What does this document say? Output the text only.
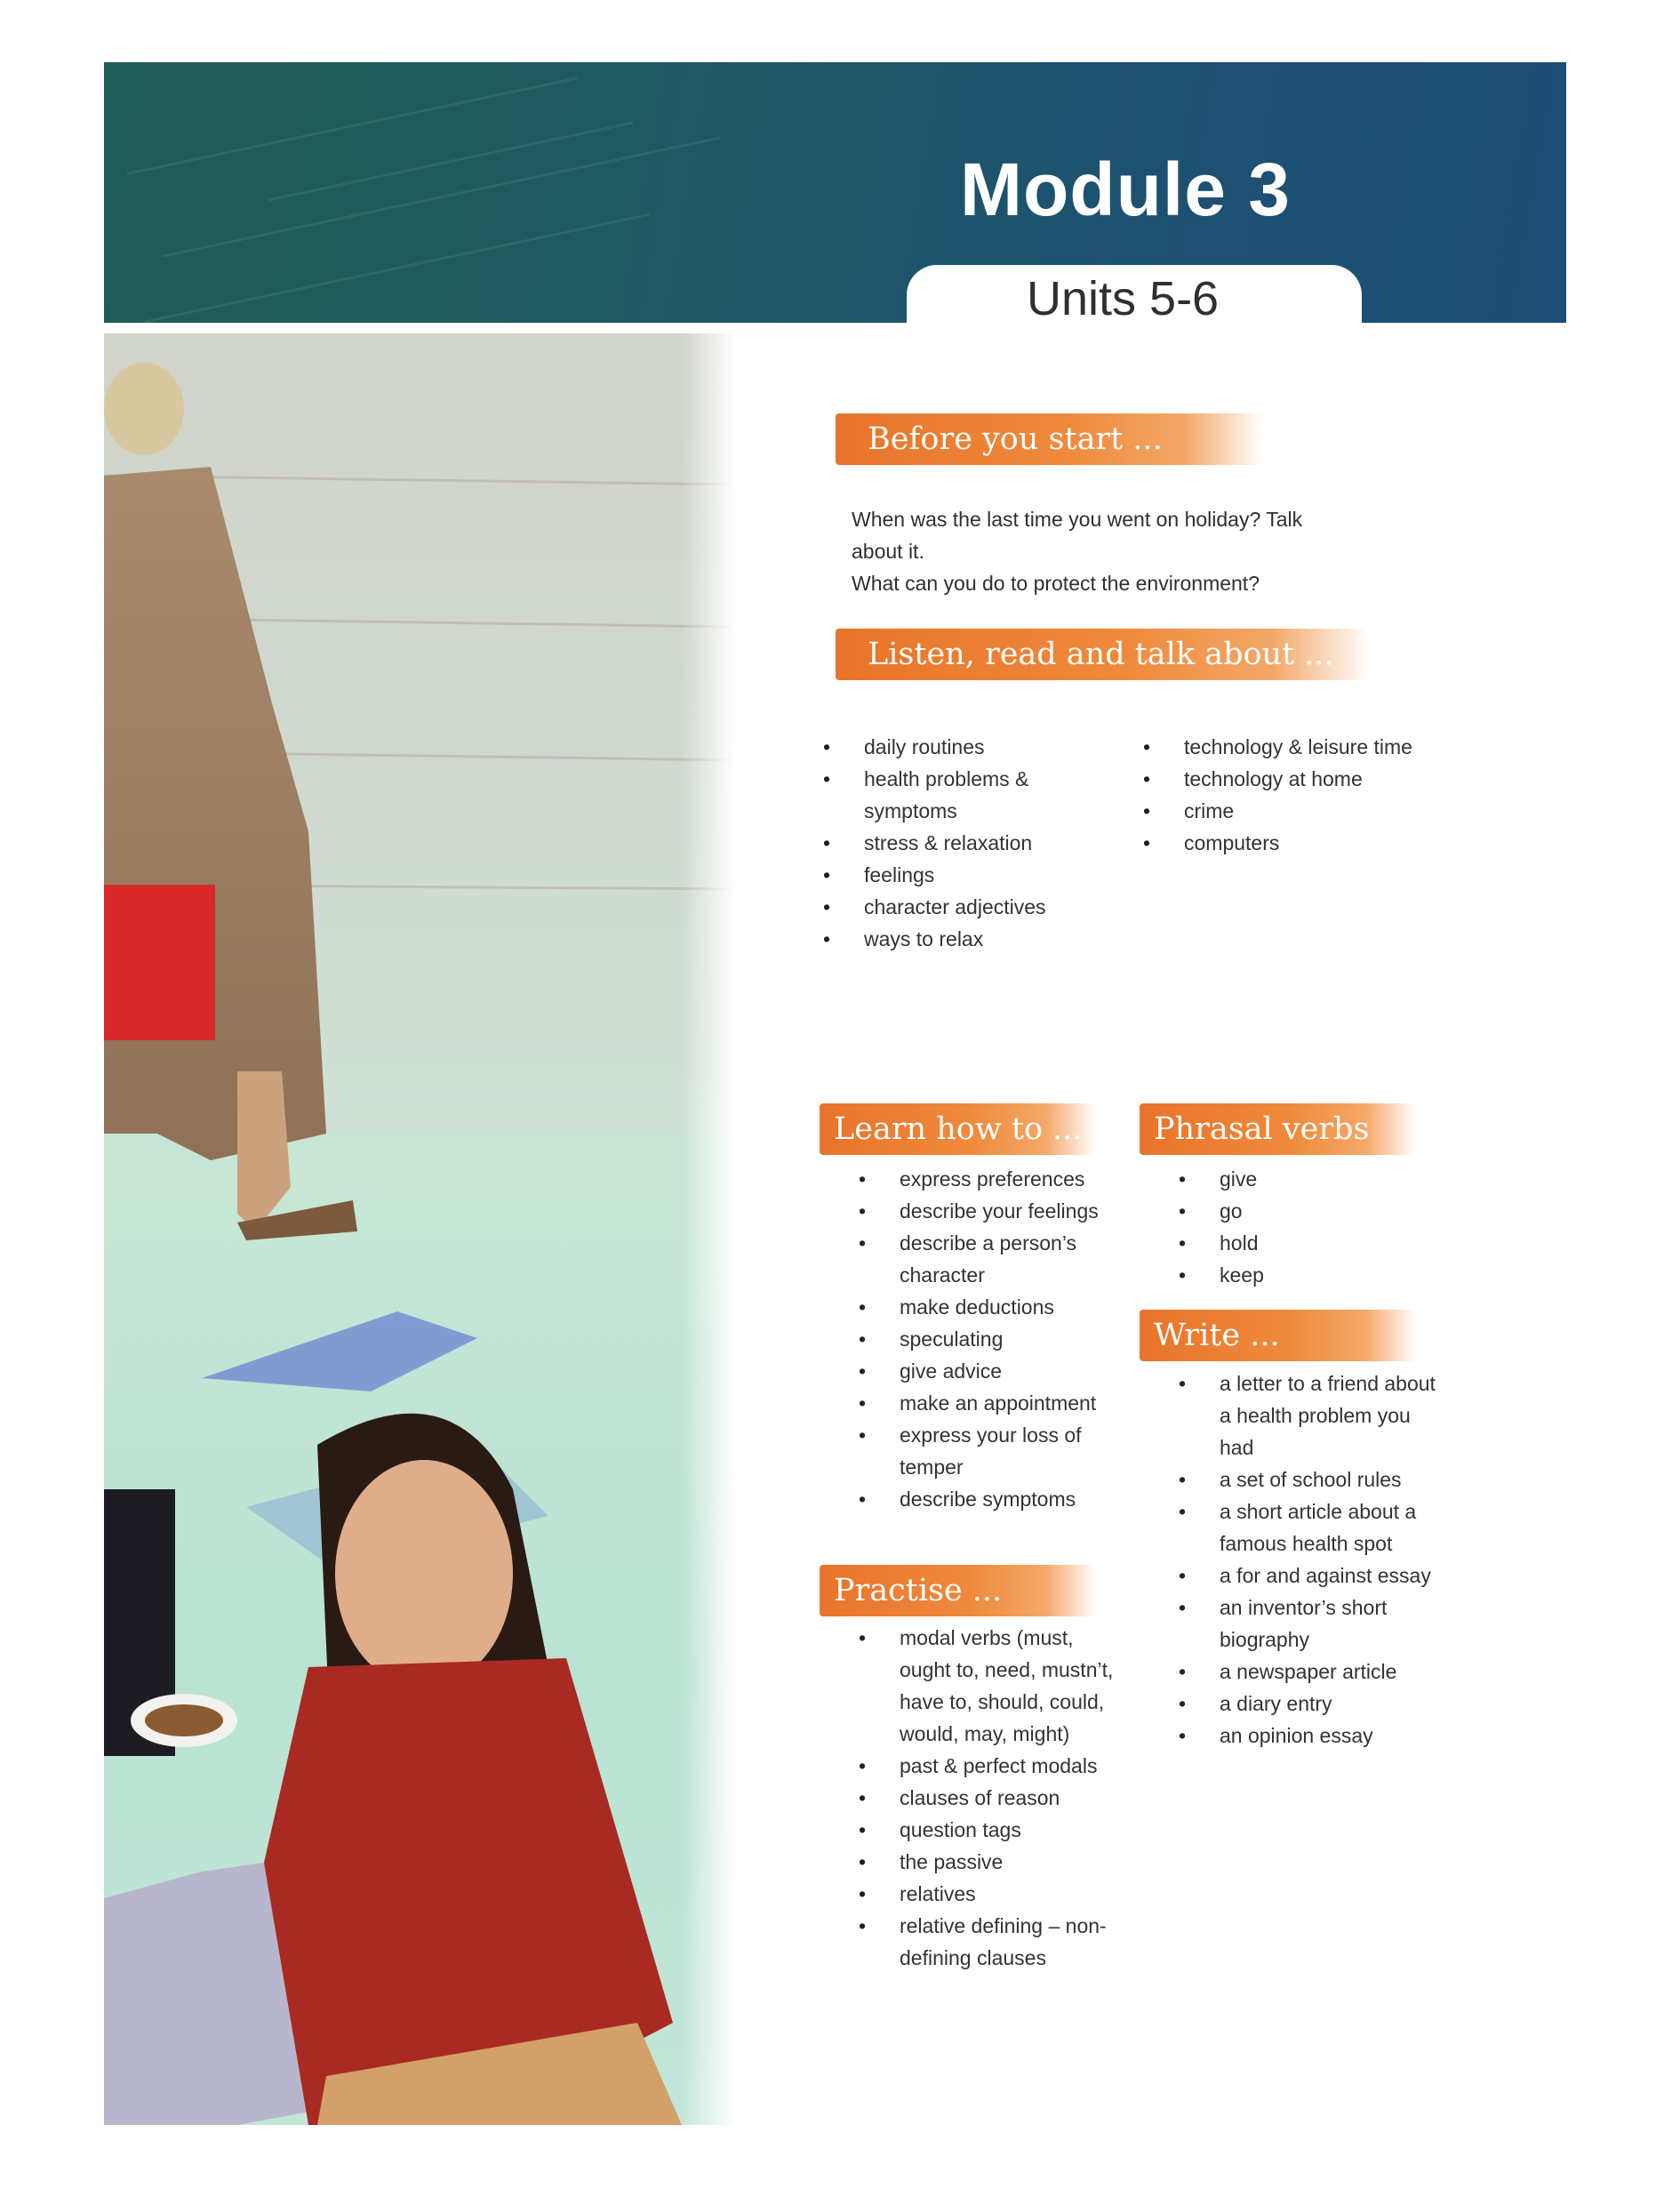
Module 3
Units 5-6
Before you start ...
When was the last time you went on holiday? Talk about it.
What can you do to protect the environment?
Listen, read and talk about ...
• daily routines
• health problems & symptoms
• stress & relaxation
• feelings
• character adjectives
• ways to relax
• technology & leisure time
• technology at home
• crime
• computers
Learn how to ...
• express preferences
• describe your feelings
• describe a person’s character
• make deductions
• speculating
• give advice
• make an appointment
• express your loss of temper
• describe symptoms
Phrasal verbs
• give
• go
• hold
• keep
Write ...
• a letter to a friend about a health problem you had
• a set of school rules
• a short article about a famous health spot
• a for and against essay
• an inventor’s short biography
• a newspaper article
• a diary entry
• an opinion essay
Practise ...
• modal verbs (must, ought to, need, mustn’t, have to, should, could, would, may, might)
• past & perfect modals
• clauses of reason
• question tags
• the passive
• relatives
• relative defining – non-defining clauses
